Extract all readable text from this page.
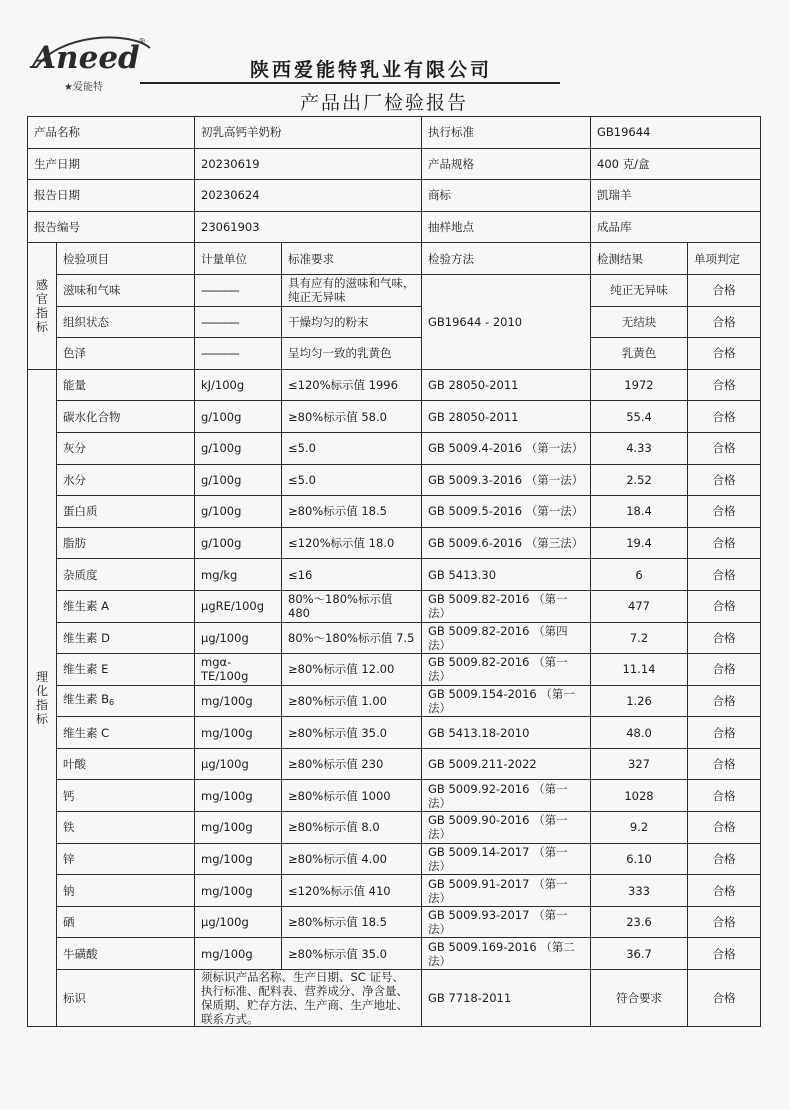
Aneed
®
★爱能特
陕西爱能特乳业有限公司
产品出厂检验报告
产品名称		初乳高钙羊奶粉		执行标准	GB19644	
生产日期		20230619		产品规格	400 克/盒	
报告日期		20230624		商标	凯瑞羊	
报告编号		23061903		抽样地点	成品库	

感
官
指
标	检验项目	计量单位	标准要求	检验方法	检测结果	单项判定
	滋味和气味	------------	具有应有的滋味和气味，纯正无异味	GB19644 - 2010	纯正无异味	合格
	组织状态	------------	干燥均匀的粉末		无结块	合格
	色泽	------------	呈均匀一致的乳黄色		乳黄色	合格

理
化
指
标	能量	kJ/100g	≤120%标示值 1996	GB 28050-2011	1972	合格
	碳水化合物	g/100g	≥80%标示值 58.0	GB 28050-2011	55.4	合格
	灰分	g/100g	≤5.0	GB 5009.4-2016 （第一法）	4.33	合格
	水分	g/100g	≤5.0	GB 5009.3-2016 （第一法）	2.52	合格
	蛋白质	g/100g	≥80%标示值 18.5	GB 5009.5-2016 （第一法）	18.4	合格
	脂肪	g/100g	≤120%标示值 18.0	GB 5009.6-2016 （第三法）	19.4	合格
	杂质度	mg/kg	≤16	GB 5413.30	6	合格
	维生素 A	μgRE/100g	80%～180%标示值 480	GB 5009.82-2016 （第一法）	477	合格
	维生素 D	μg/100g	80%～180%标示值 7.5	GB 5009.82-2016 （第四法）	7.2	合格
	维生素 E	mgα-TE/100g	≥80%标示值 12.00	GB 5009.82-2016 （第一法）	11.14	合格
	维生素 $B_6$	mg/100g	≥80%标示值 1.00	GB 5009.154-2016 （第一法）	1.26	合格
	维生素 C	mg/100g	≥80%标示值 35.0	GB 5413.18-2010	48.0	合格
	叶酸	μg/100g	≥80%标示值 230	GB 5009.211-2022	327	合格
	钙	mg/100g	≥80%标示值 1000	GB 5009.92-2016 （第一法）	1028	合格
	铁	mg/100g	≥80%标示值 8.0	GB 5009.90-2016 （第一法）	9.2	合格
	锌	mg/100g	≥80%标示值 4.00	GB 5009.14-2017 （第一法）	6.10	合格
	钠	mg/100g	≤120%标示值 410	GB 5009.91-2017 （第一法）	333	合格
	硒	μg/100g	≥80%标示值 18.5	GB 5009.93-2017 （第一法）	23.6	合格
	牛磺酸	mg/100g	≥80%标示值 35.0	GB 5009.169-2016 （第二法）	36.7	合格
	标识	须标识产品名称、生产日期、SC 证号、执行标准、配料表、营养成分、净含量、保质期、贮存方法、生产商、生产地址、联系方式。		GB 7718-2011	符合要求	合格
